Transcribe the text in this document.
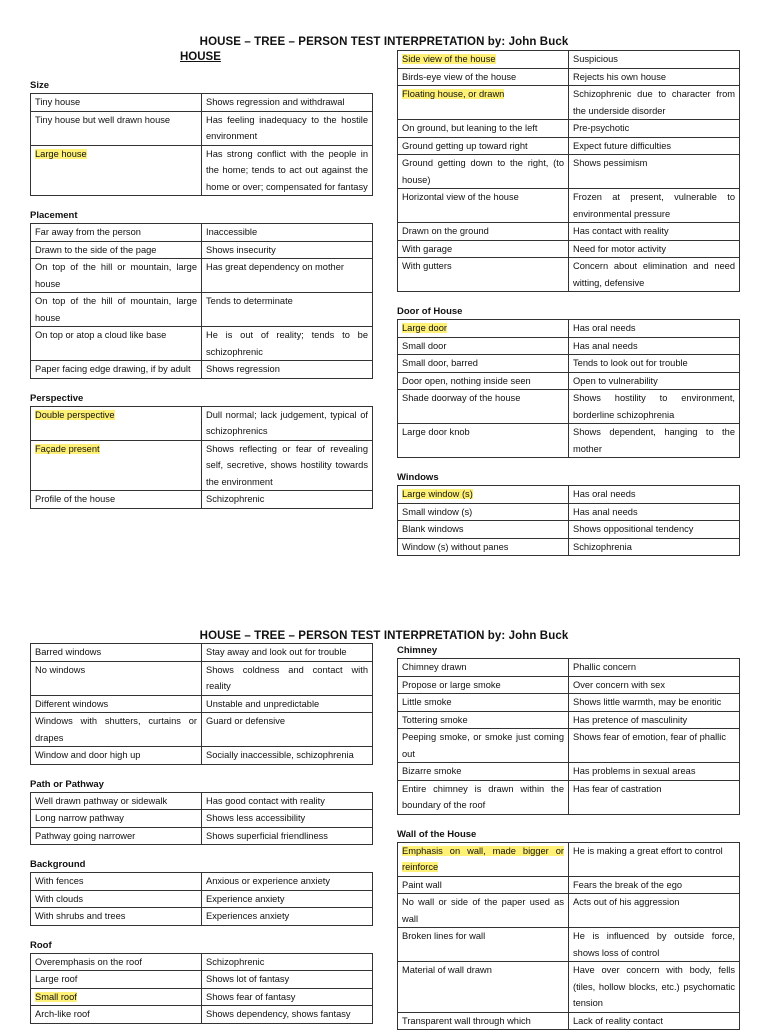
HOUSE – TREE – PERSON TEST INTERPRETATION by: John Buck
HOUSE
Size
Tiny house	Shows regression and withdrawal
Tiny house but well drawn house	Has feeling inadequacy to the hostile environment
Large house	Has strong conflict with the people in the home; tends to act out against the home or over; compensated for fantasy
Placement
Far away from the person	Inaccessible
Drawn to the side of the page	Shows insecurity
On top of the hill or mountain, large house	Has great dependency on mother
On top of the hill of mountain, large house	Tends to determinate
On top or atop a cloud like base	He is out of reality; tends to be schizophrenic
Paper facing edge drawing, if by adult	Shows regression
Perspective
Double perspective	Dull normal; lack judgement, typical of schizophrenics
Façade present	Shows reflecting or fear of revealing self, secretive, shows hostility towards the environment
Profile of the house	Schizophrenic
Side view of the house	Suspicious
Birds-eye view of the house	Rejects his own house
Floating house, or drawn	Schizophrenic due to character from the underside disorder
On ground, but leaning to the left	Pre-psychotic
Ground getting up toward right	Expect future difficulties
Ground getting down to the right, (to house)	Shows pessimism
Horizontal view of the house	Frozen at present, vulnerable to environmental pressure
Drawn on the ground	Has contact with reality
With garage	Need for motor activity
With gutters	Concern about elimination and need witting, defensive
Door of House
Large door	Has oral needs
Small door	Has anal needs
Small door, barred	Tends to look out for trouble
Door open, nothing inside seen	Open to vulnerability
Shade doorway of the house	Shows hostility to environment, borderline schizophrenia
Large door knob	Shows dependent, hanging to the mother
Windows
Large window (s)	Has oral needs
Small window (s)	Has anal needs
Blank windows	Shows oppositional tendency
Window (s) without panes	Schizophrenia
HOUSE – TREE – PERSON TEST INTERPRETATION by: John Buck
Barred windows	Stay away and look out for trouble
No windows	Shows coldness and contact with reality
Different windows	Unstable and unpredictable
Windows with shutters, curtains or drapes	Guard or defensive
Window and door high up	Socially inaccessible, schizophrenia
Path or Pathway
Well drawn pathway or sidewalk	Has good contact with reality
Long narrow pathway	Shows less accessibility
Pathway going narrower	Shows superficial friendliness
Background
With fences	Anxious or experience anxiety
With clouds	Experience anxiety
With shrubs and trees	Experiences anxiety
Roof
Overemphasis on the roof	Schizophrenic
Large roof	Shows lot of fantasy
Small roof	Shows fear of fantasy
Arch-like roof	Shows dependency, shows fantasy
Chimney
Chimney drawn	Phallic concern
Propose or large smoke	Over concern with sex
Little smoke	Shows little warmth, may be enoritic
Tottering smoke	Has pretence of masculinity
Peeping smoke, or smoke just coming out	Shows fear of emotion, fear of phallic
Bizarre smoke	Has problems in sexual areas
Entire chimney is drawn within the boundary of the roof	Has fear of castration
Wall of the House
Emphasis on wall, made bigger or reinforce	He is making a great effort to control
Paint wall	Fears the break of the ego
No wall or side of the paper used as wall	Acts out of his aggression
Broken lines for wall	He is influenced by outside force, shows loss of control
Material of wall drawn	Have over concern with body, fells (tiles, hollow blocks, etc.) psychomatic tension
Transparent wall through which	Lack of reality contact
